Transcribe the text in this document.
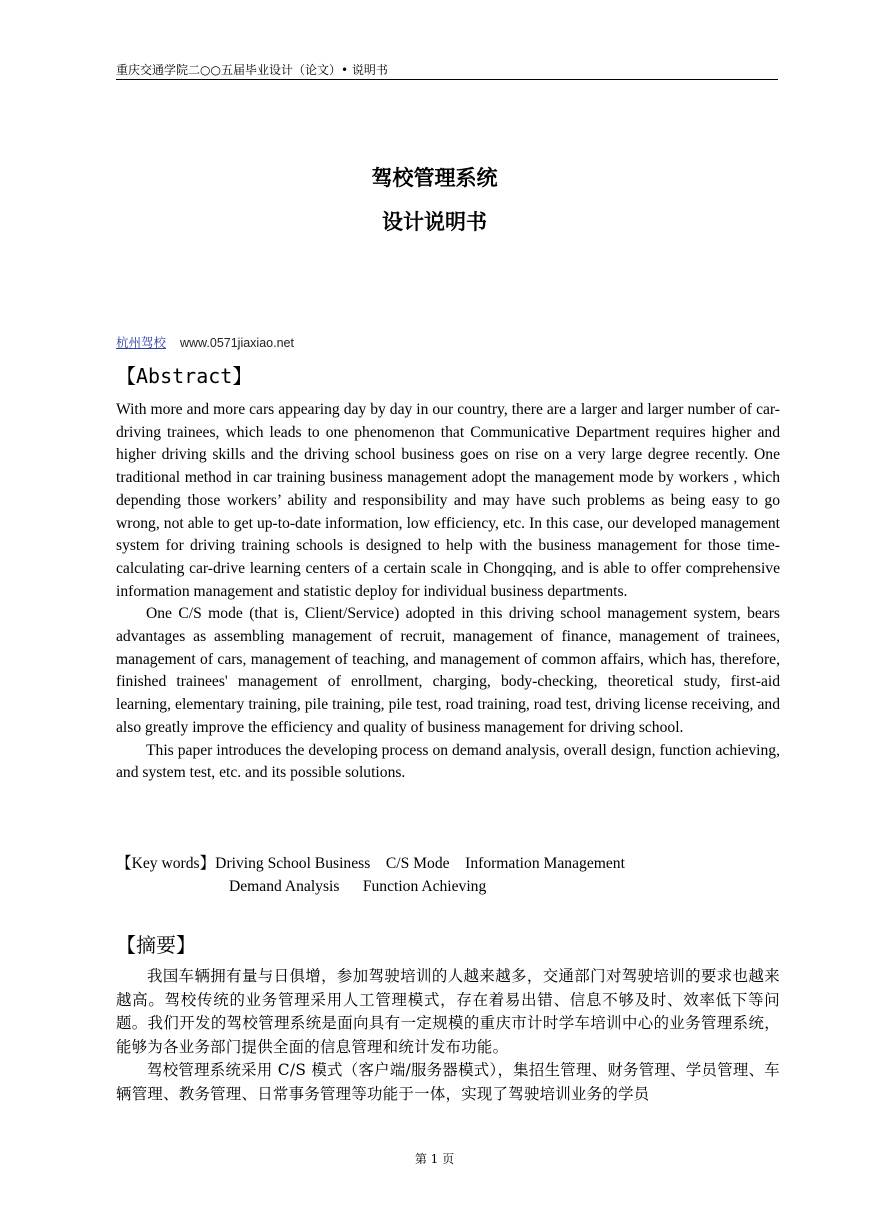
重庆交通学院二○○五届毕业设计（论文）• 说明书
驾校管理系统
设计说明书
杭州驾校 www.0571jiaxiao.net
【Abstract】

With more and more cars appearing day by day in our country, there are a larger and larger number of car-driving trainees, which leads to one phenomenon that Communicative Department requires higher and higher driving skills and the driving school business goes on rise on a very large degree recently. One traditional method in car training business management adopt the management mode by workers , which depending those workers’ ability and responsibility and may have such problems as being easy to go wrong, not able to get up-to-date information, low efficiency, etc. In this case, our developed management system for driving training schools is designed to help with the business management for those time-calculating car-drive learning centers of a certain scale in Chongqing, and is able to offer comprehensive information management and statistic deploy for individual business departments.

One C/S mode (that is, Client/Service) adopted in this driving school management system, bears advantages as assembling management of recruit, management of finance, management of trainees, management of cars, management of teaching, and management of common affairs, which has, therefore, finished trainees' management of enrollment, charging, body-checking, theoretical study, first-aid learning, elementary training, pile training, pile test, road training, road test, driving license receiving, and also greatly improve the efficiency and quality of business management for driving school.

This paper introduces the developing process on demand analysis, overall design, function achieving, and system test, etc. and its possible solutions.

【Key words】Driving School Business    C/S Mode    Information Management
Demand Analysis      Function Achieving
【摘要】

我国车辆拥有量与日俱增，参加驾驶培训的人越来越多，交通部门对驾驶培训的要求也越来越高。驾校传统的业务管理采用人工管理模式，存在着易出错、信息不够及时、效率低下等问题。我们开发的驾校管理系统是面向具有一定规模的重庆市计时学车培训中心的业务管理系统，能够为各业务部门提供全面的信息管理和统计发布功能。

驾校管理系统采用 C/S 模式（客户端/服务器模式），集招生管理、财务管理、学员管理、车辆管理、教务管理、日常事务管理等功能于一体，实现了驾驶培训业务的学员

第 1 页
